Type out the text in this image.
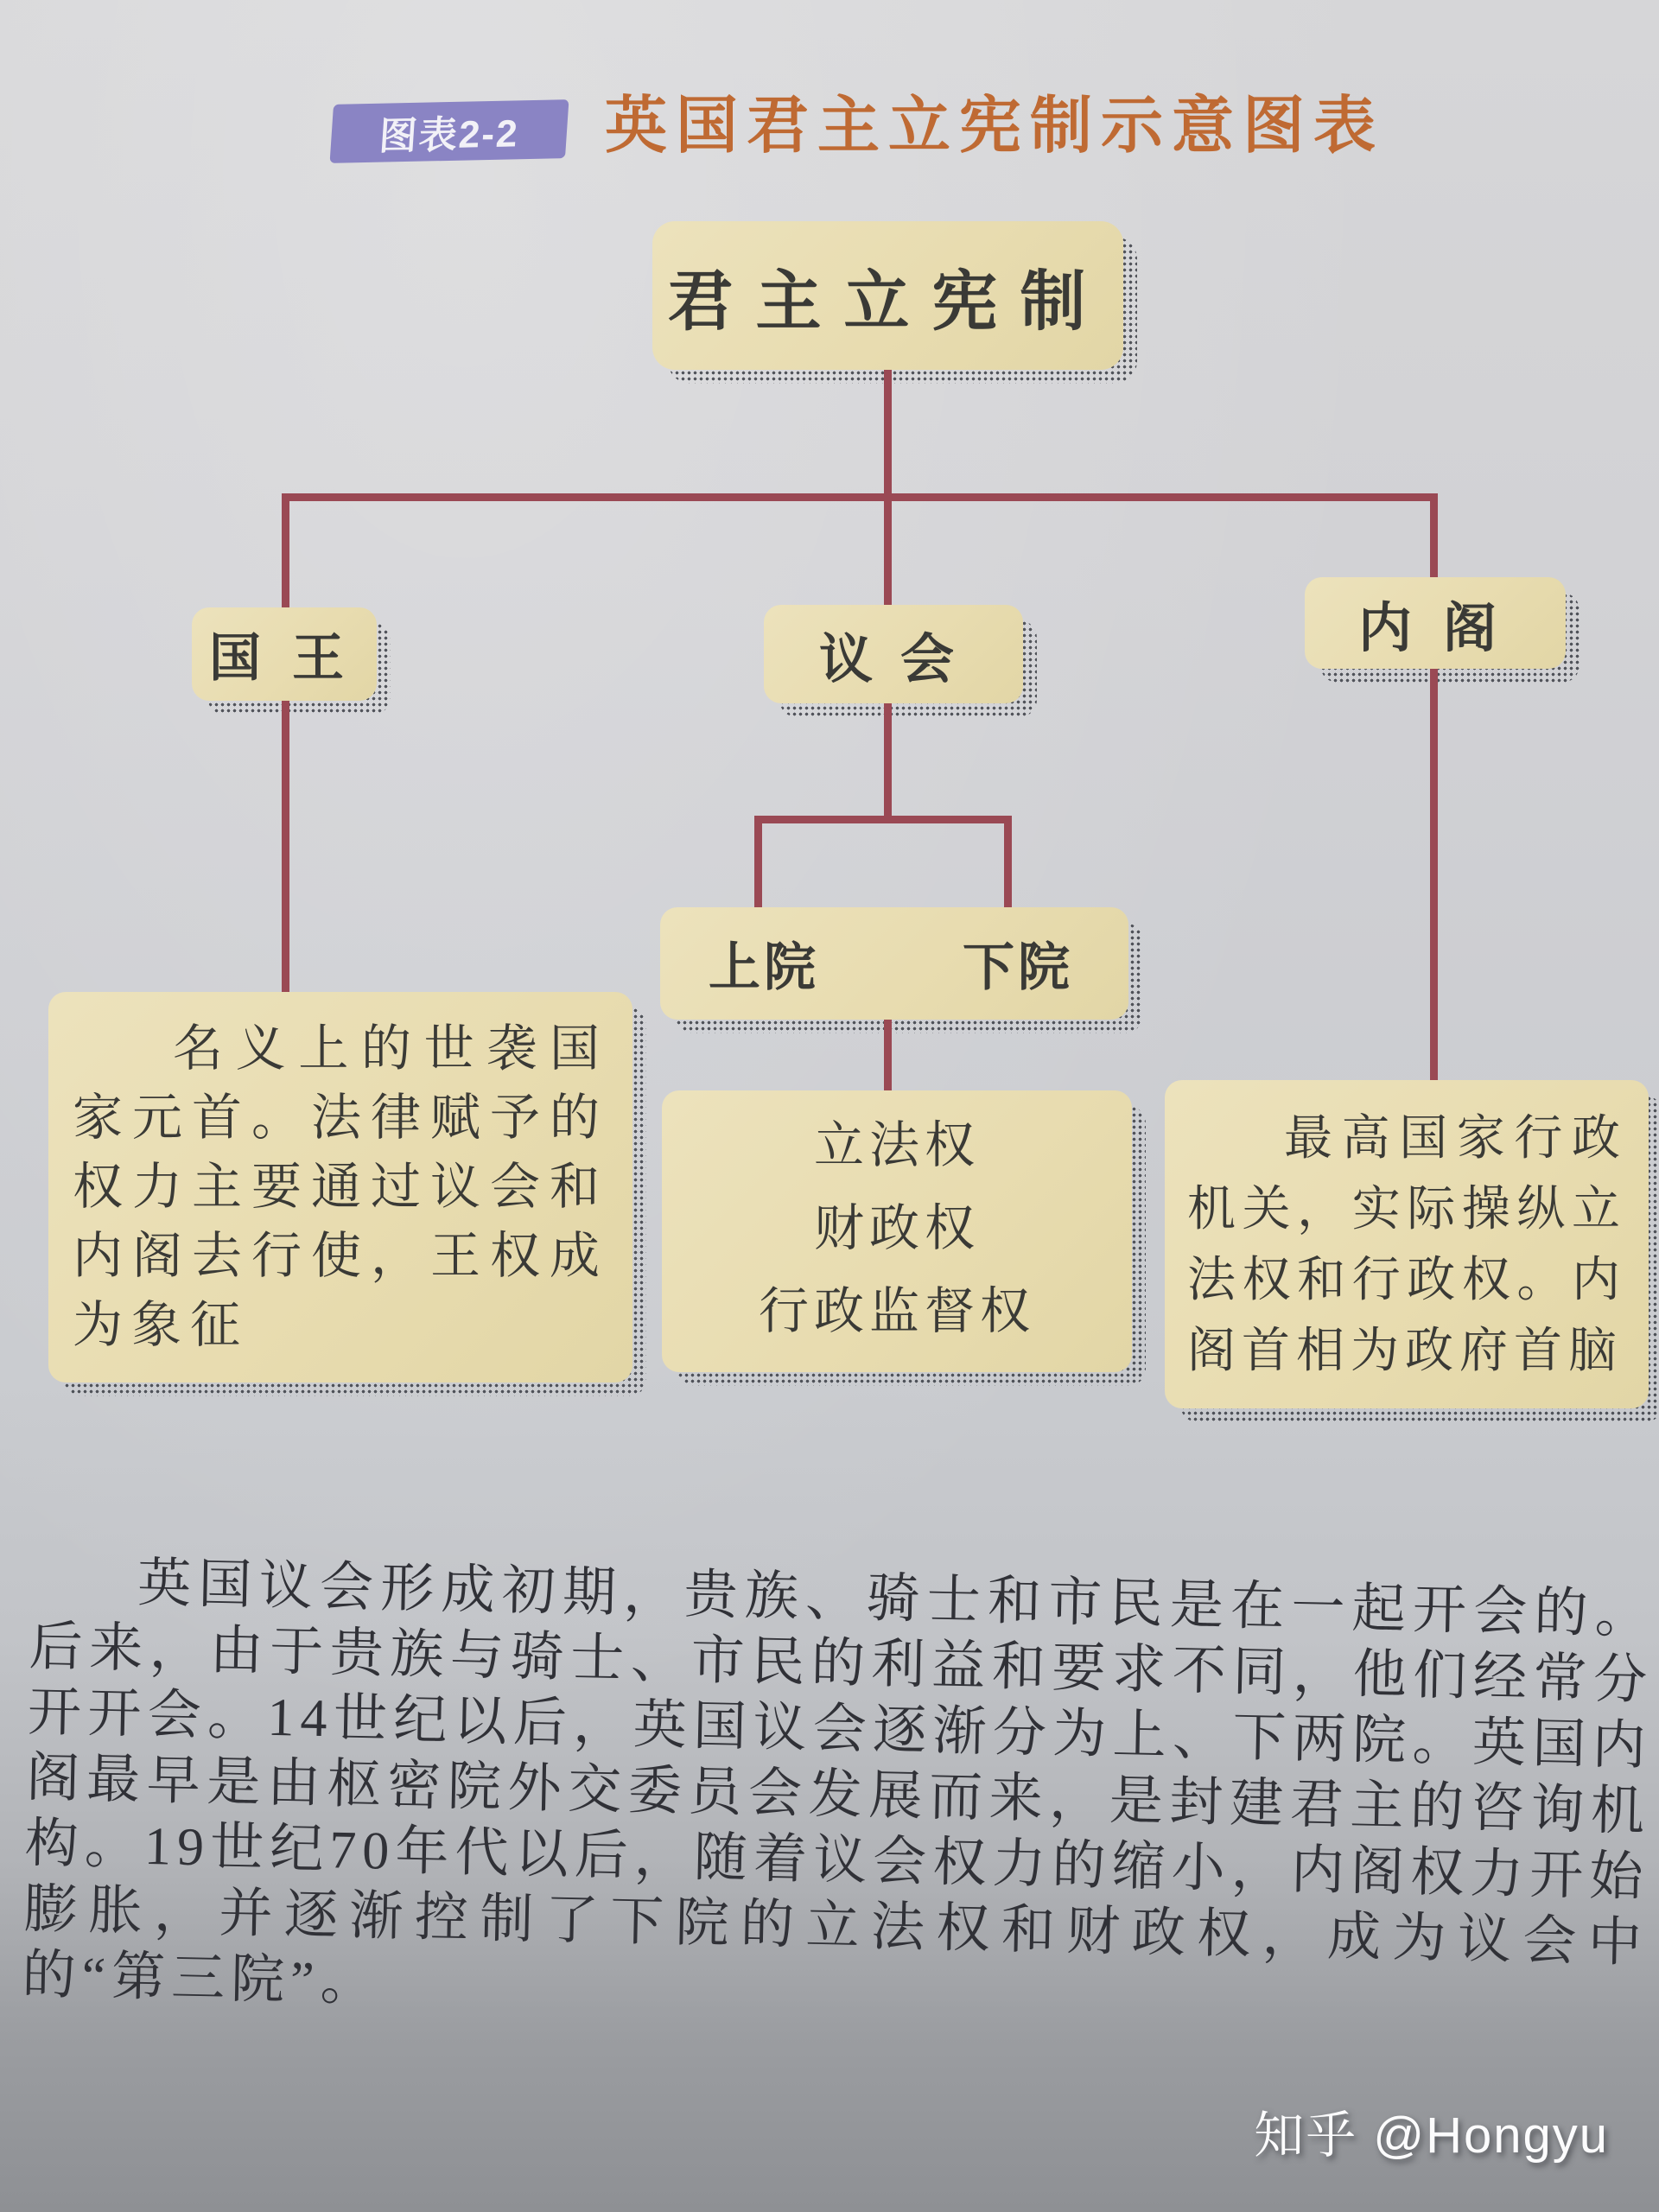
图表2-2	英国君主立宪制示意图表
君主立宪制
国王	议会
内阁
上院	下院
名义上的世袭国家元首。法律赋予的权力主要通过议会和内阁去行使，王权成为象征
立法权
财政权
行政监督权
最高国家行政机关，实际操纵立法权和行政权。内阁首相为政府首脑
英国议会形成初期，贵族、骑士和市民是在一起开会的。后来，由于贵族与骑士、市民的利益和要求不同，他们经常分开开会。14世纪以后，英国议会逐渐分为上、下两院。英国内阁最早是由枢密院外交委员会发展而来，是封建君主的咨询机构。19世纪70年代以后，随着议会权力的缩小，内阁权力开始膨胀，并逐渐控制了下院的立法权和财政权，成为议会中的“第三院”。
知乎 @Hongyu
